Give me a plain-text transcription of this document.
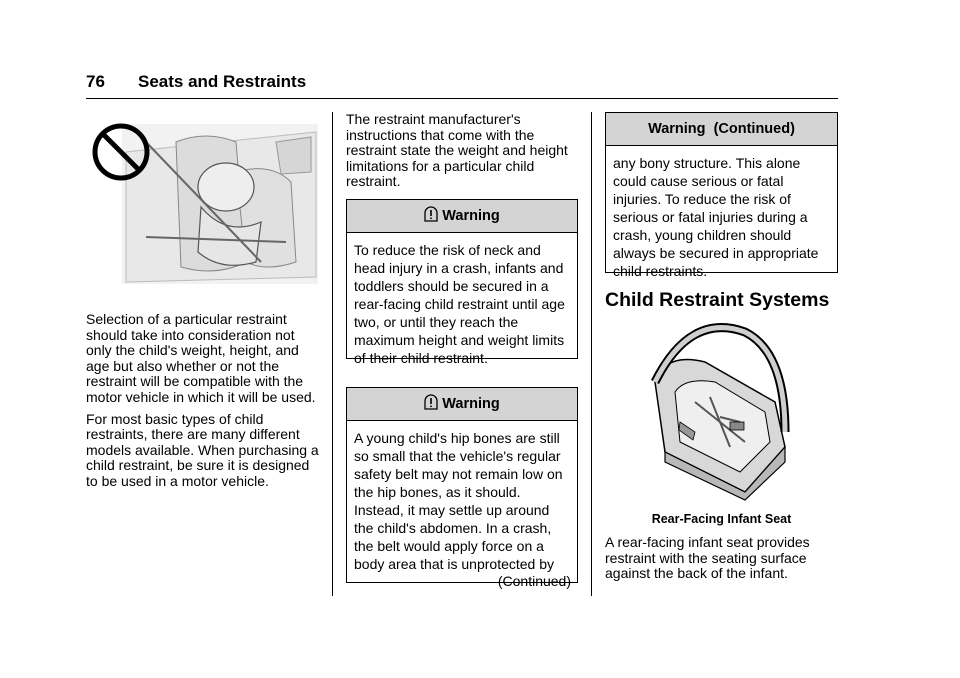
76 Seats and Restraints

Selection of a particular restraint should take into consideration not only the child's weight, height, and age but also whether or not the restraint will be compatible with the motor vehicle in which it will be used.

For most basic types of child restraints, there are many different models available. When purchasing a child restraint, be sure it is designed to be used in a motor vehicle.

The restraint manufacturer's instructions that come with the restraint state the weight and height limitations for a particular child restraint.

Warning
To reduce the risk of neck and head injury in a crash, infants and toddlers should be secured in a rear-facing child restraint until age two, or until they reach the maximum height and weight limits of their child restraint.
Warning
A young child's hip bones are still so small that the vehicle's regular safety belt may not remain low on the hip bones, as it should. Instead, it may settle up around the child's abdomen. In a crash, the belt would apply force on a body area that is unprotected by
(Continued)
Warning  (Continued)
any bony structure. This alone could cause serious or fatal injuries. To reduce the risk of serious or fatal injuries during a crash, young children should always be secured in appropriate child restraints.
Child Restraint Systems
Rear-Facing Infant Seat

A rear-facing infant seat provides restraint with the seating surface against the back of the infant.
